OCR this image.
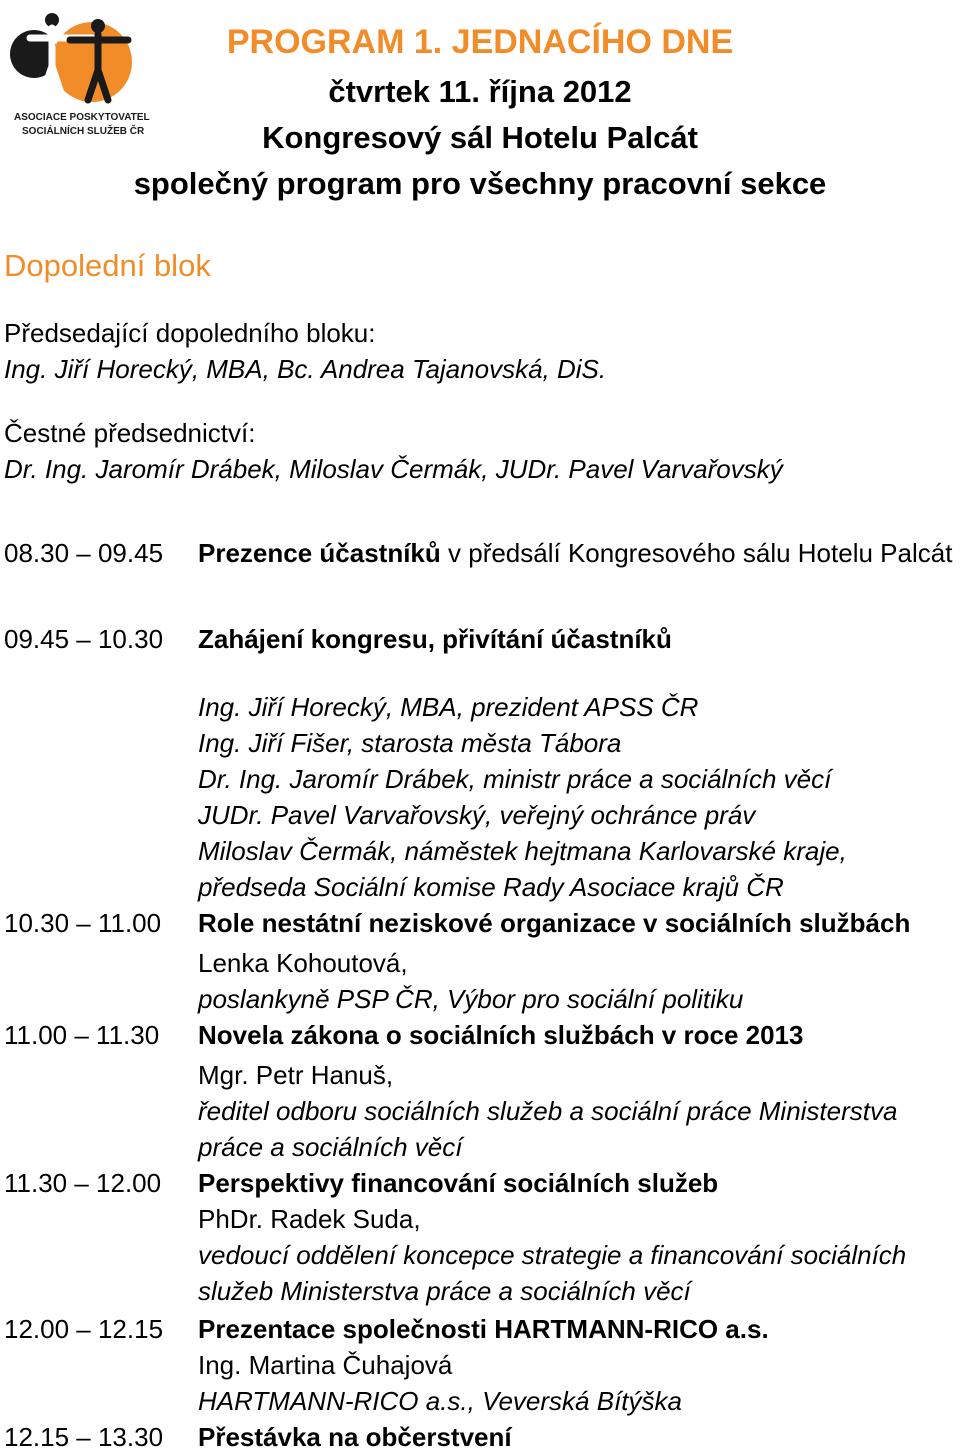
ASOCIACE POSKYTOVATELŮ
SOCIÁLNÍCH SLUŽEB ČR
PROGRAM 1. JEDNACÍHO DNE
čtvrtek 11. října 2012
Kongresový sál Hotelu Palcát
společný program pro všechny pracovní sekce
Dopolední blok
Předsedající dopoledního bloku:
Ing. Jiří Horecký, MBA, Bc. Andrea Tajanovská, DiS.
Čestné předsednictví:
Dr. Ing. Jaromír Drábek, Miloslav Čermák, JUDr. Pavel Varvařovský
08.30 – 09.45 Prezence účastníků v předsálí Kongresového sálu Hotelu Palcát
09.45 – 10.30 Zahájení kongresu, přivítání účastníků
Ing. Jiří Horecký, MBA, prezident APSS ČR
Ing. Jiří Fišer, starosta města Tábora
Dr. Ing. Jaromír Drábek, ministr práce a sociálních věcí
JUDr. Pavel Varvařovský, veřejný ochránce práv
Miloslav Čermák, náměstek hejtmana Karlovarské kraje,
předseda Sociální komise Rady Asociace krajů ČR
10.30 – 11.00 Role nestátní neziskové organizace v sociálních službách
Lenka Kohoutová,
poslankyně PSP ČR, Výbor pro sociální politiku
11.00 – 11.30 Novela zákona o sociálních službách v roce 2013
Mgr. Petr Hanuš,
ředitel odboru sociálních služeb a sociální práce Ministerstva
práce a sociálních věcí
11.30 – 12.00 Perspektivy financování sociálních služeb
PhDr. Radek Suda,
vedoucí oddělení koncepce strategie a financování sociálních
služeb Ministerstva práce a sociálních věcí
12.00 – 12.15 Prezentace společnosti HARTMANN-RICO a.s.
Ing. Martina Čuhajová
HARTMANN-RICO a.s., Veverská Bítýška
12.15 – 13.30 Přestávka na občerstvení
